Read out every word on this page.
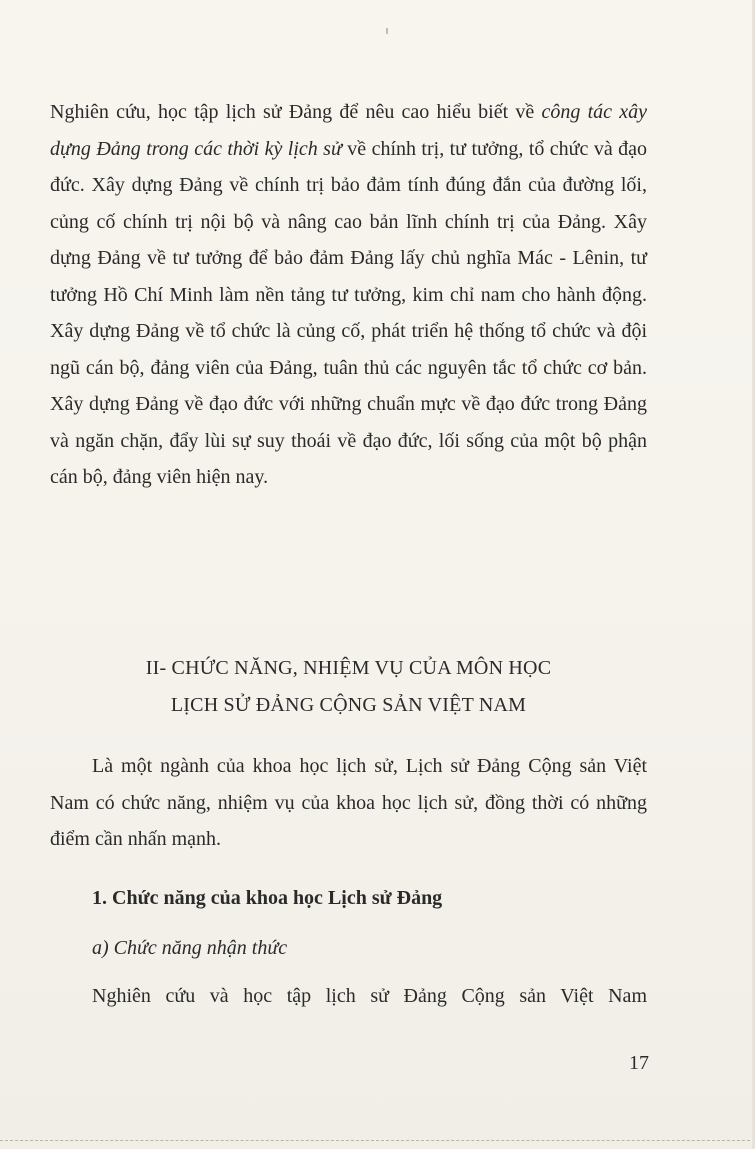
Nghiên cứu, học tập lịch sử Đảng để nêu cao hiểu biết về công tác xây dựng Đảng trong các thời kỳ lịch sử về chính trị, tư tưởng, tổ chức và đạo đức. Xây dựng Đảng về chính trị bảo đảm tính đúng đắn của đường lối, củng cố chính trị nội bộ và nâng cao bản lĩnh chính trị của Đảng. Xây dựng Đảng về tư tưởng để bảo đảm Đảng lấy chủ nghĩa Mác - Lênin, tư tưởng Hồ Chí Minh làm nền tảng tư tưởng, kim chỉ nam cho hành động. Xây dựng Đảng về tổ chức là củng cố, phát triển hệ thống tổ chức và đội ngũ cán bộ, đảng viên của Đảng, tuân thủ các nguyên tắc tổ chức cơ bản. Xây dựng Đảng về đạo đức với những chuẩn mực về đạo đức trong Đảng và ngăn chặn, đẩy lùi sự suy thoái về đạo đức, lối sống của một bộ phận cán bộ, đảng viên hiện nay.
II- CHỨC NĂNG, NHIỆM VỤ CỦA MÔN HỌC
LỊCH SỬ ĐẢNG CỘNG SẢN VIỆT NAM
Là một ngành của khoa học lịch sử, Lịch sử Đảng Cộng sản Việt Nam có chức năng, nhiệm vụ của khoa học lịch sử, đồng thời có những điểm cần nhấn mạnh.
1. Chức năng của khoa học Lịch sử Đảng
a) Chức năng nhận thức
Nghiên cứu và học tập lịch sử Đảng Cộng sản Việt Nam
17
